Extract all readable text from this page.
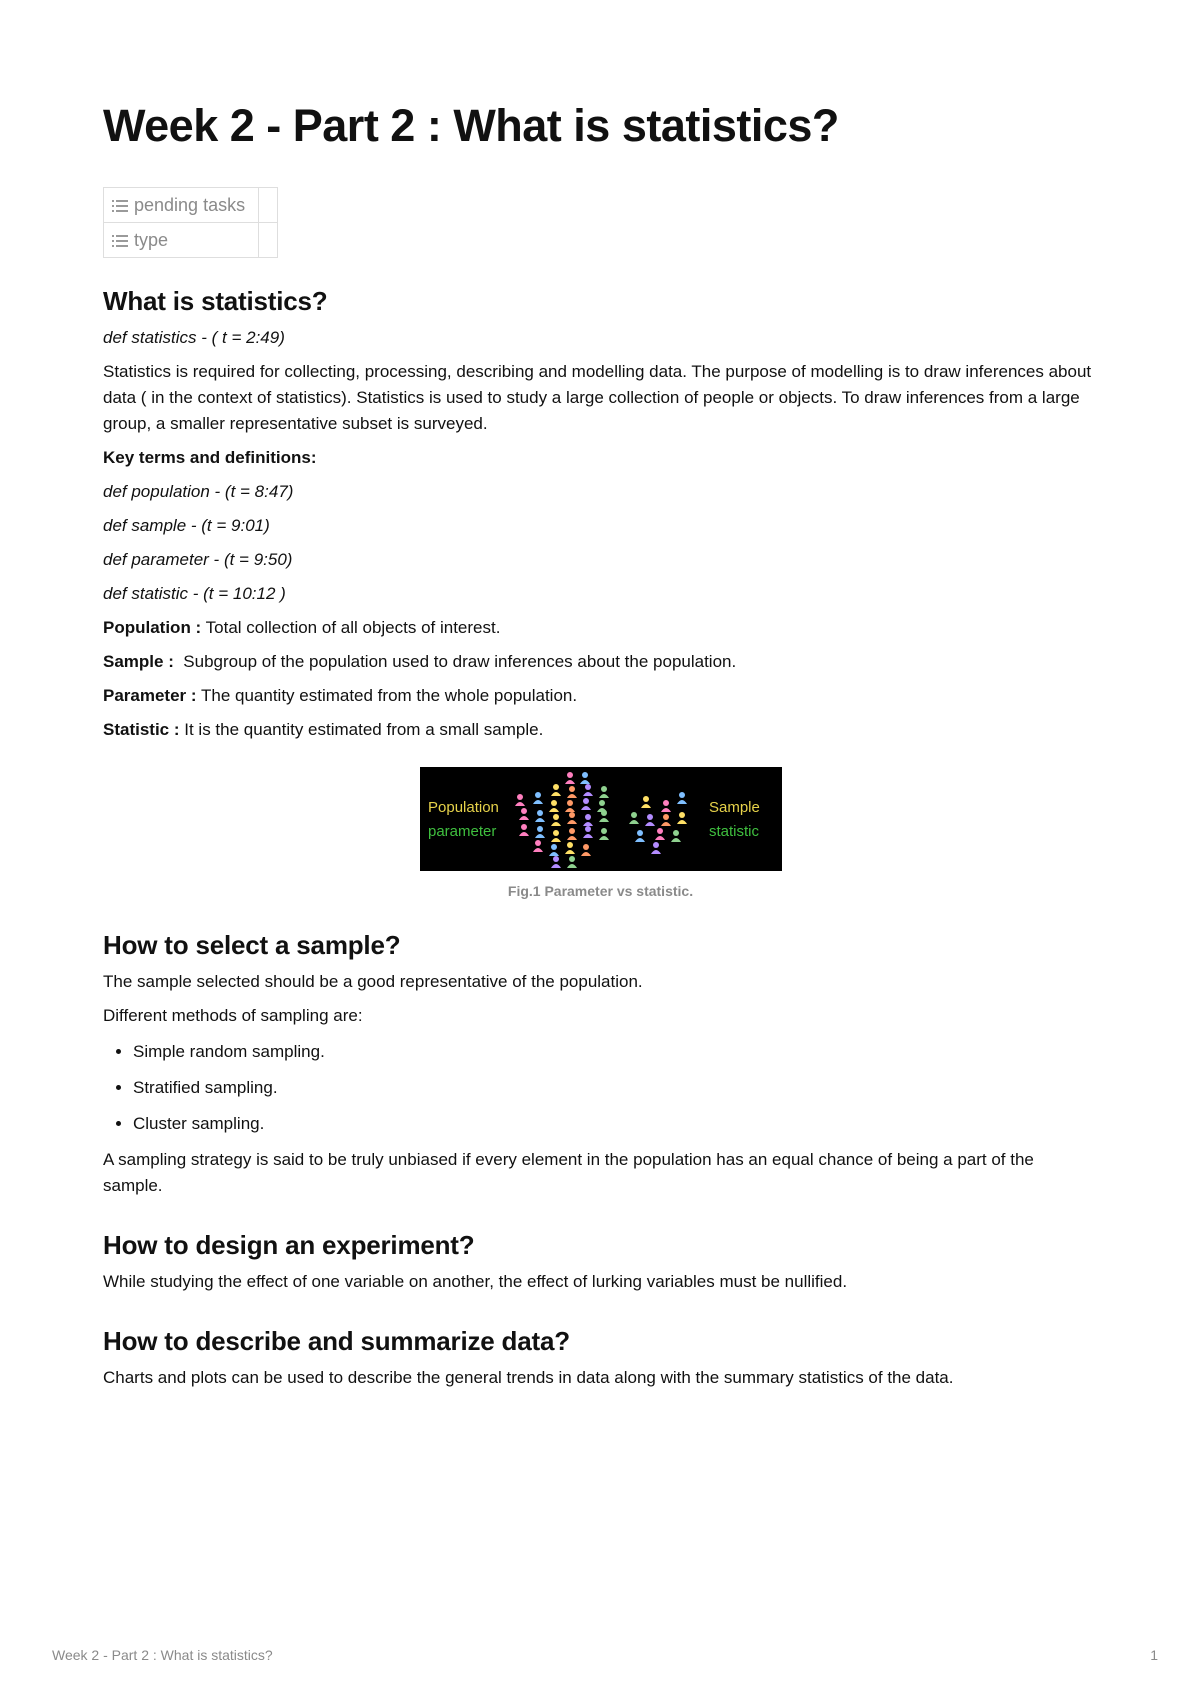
Week 2 - Part 2 : What is statistics?
pending tasks	
type	
What is statistics?

def statistics - ( t = 2:49)

Statistics is required for collecting, processing, describing and modelling data. The purpose of modelling is to draw inferences about data ( in the context of statistics). Statistics is used to study a large collection of people or objects. To draw inferences from a large group, a smaller representative subset is surveyed.

Key terms and definitions:

def population - (t = 8:47)

def sample - (t = 9:01)

def parameter - (t = 9:50)

def statistic - (t = 10:12 )

Population : Total collection of all objects of interest.

Sample :  Subgroup of the population used to draw inferences about the population.

Parameter : The quantity estimated from the whole population.

Statistic : It is the quantity estimated from a small sample.

Population
parameter
Sample
statistic
Fig.1 Parameter vs statistic.
How to select a sample?

The sample selected should be a good representative of the population.

Different methods of sampling are:

• Simple random sampling.
• Stratified sampling.
• Cluster sampling.

A sampling strategy is said to be truly unbiased if every element in the population has an equal chance of being a part of the sample.

How to design an experiment?

While studying the effect of one variable on another, the effect of lurking variables must be nullified.

How to describe and summarize data?

Charts and plots can be used to describe the general trends in data along with the summary statistics of the data.

Week 2 - Part 2 : What is statistics?	1
